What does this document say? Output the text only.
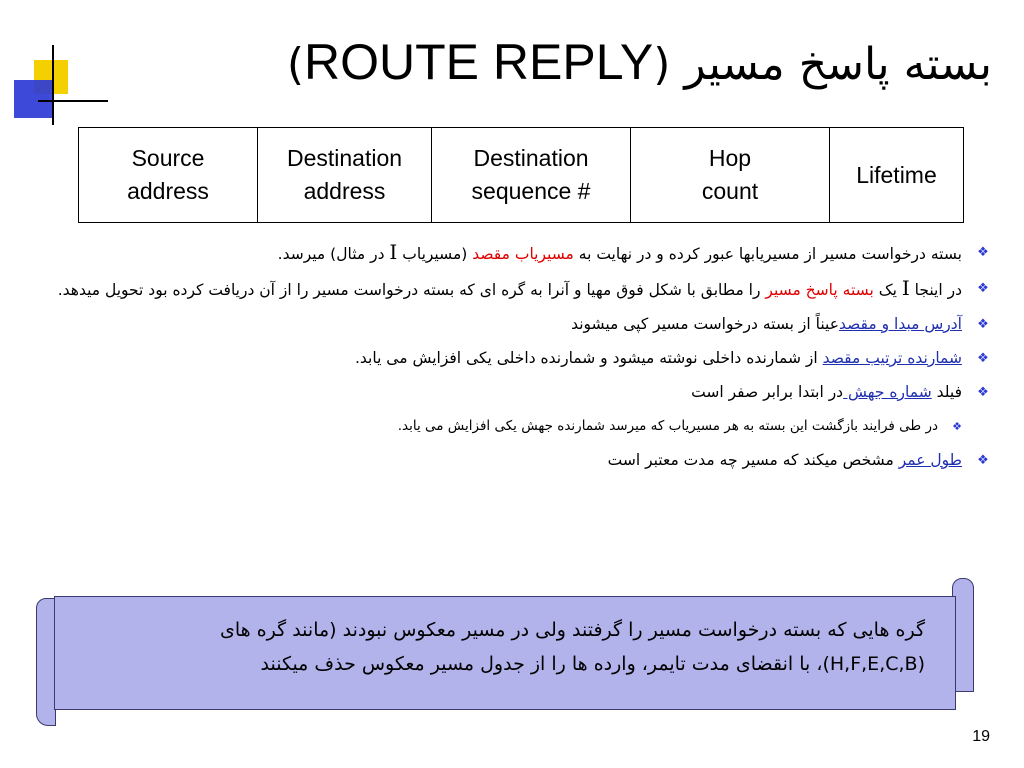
بسته پاسخ مسیر (ROUTE REPLY)
Source
address

Destination
address

Destination
sequence #

Hop
count

Lifetime
❖
بسته درخواست مسیر از مسیریابها عبور کرده و در نهایت به مسیریاب مقصد (مسیریاب I در مثال) میرسد.
❖
در اینجا I یک بسته پاسخ مسیر را مطابق با شکل فوق مهیا و آنرا به گره ای که بسته درخواست مسیر را از آن دریافت کرده بود تحویل میدهد.
❖
آدرس مبدا و مقصدعیناً از بسته درخواست مسیر کپی میشوند
❖
شمارنده ترتیب مقصد از شمارنده داخلی نوشته میشود و شمارنده داخلی یکی افزایش می یابد.
❖
فیلد شماره جهش در ابتدا برابر صفر است
❖
در طی فرایند بازگشت این بسته به هر مسیریاب که میرسد شمارنده جهش یکی افزایش می یابد.
❖
طول عمر مشخص میکند که مسیر چه مدت معتبر است
گره هایی که بسته درخواست مسیر را گرفتند ولی در مسیر معکوس نبودند (مانند گره های
(H,F,E,C,B)، با انقضای مدت تایمر، وارده ها را از جدول مسیر معکوس حذف میکنند
19
